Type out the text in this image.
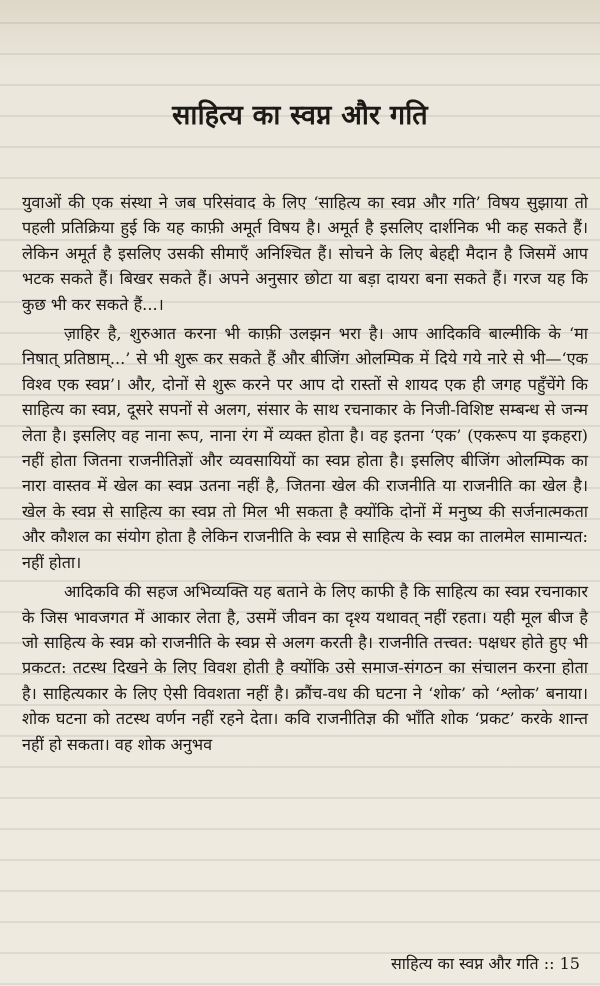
साहित्य का स्वप्न और गति

युवाओं की एक संस्था ने जब परिसंवाद के लिए ‘साहित्य का स्वप्न और गति’ विषय सुझाया तो पहली प्रतिक्रिया हुई कि यह काफ़ी अमूर्त विषय है। अमूर्त है इसलिए दार्शनिक भी कह सकते हैं। लेकिन अमूर्त है इसलिए उसकी सीमाएँ अनिश्चित हैं। सोचने के लिए बेहद्दी मैदान है जिसमें आप भटक सकते हैं। बिखर सकते हैं। अपने अनुसार छोटा या बड़ा दायरा बना सकते हैं। गरज यह कि कुछ भी कर सकते हैं...।

ज़ाहिर है, शुरुआत करना भी काफ़ी उलझन भरा है। आप आदिकवि बाल्मीकि के ‘मा निषात् प्रतिष्ठाम्...’ से भी शुरू कर सकते हैं और बीजिंग ओलम्पिक में दिये गये नारे से भी—‘एक विश्व एक स्वप्न’। और, दोनों से शुरू करने पर आप दो रास्तों से शायद एक ही जगह पहुँचेंगे कि साहित्य का स्वप्न, दूसरे सपनों से अलग, संसार के साथ रचनाकार के निजी-विशिष्ट सम्बन्ध से जन्म लेता है। इसलिए वह नाना रूप, नाना रंग में व्यक्त होता है। वह इतना ‘एक’ (एकरूप या इकहरा) नहीं होता जितना राजनीतिज्ञों और व्यवसायियों का स्वप्न होता है। इसलिए बीजिंग ओलम्पिक का नारा वास्तव में खेल का स्वप्न उतना नहीं है, जितना खेल की राजनीति या राजनीति का खेल है। खेल के स्वप्न से साहित्य का स्वप्न तो मिल भी सकता है क्योंकि दोनों में मनुष्य की सर्जनात्मकता और कौशल का संयोग होता है लेकिन राजनीति के स्वप्न से साहित्य के स्वप्न का तालमेल सामान्यत: नहीं होता।

आदिकवि की सहज अभिव्यक्ति यह बताने के लिए काफी है कि साहित्य का स्वप्न रचनाकार के जिस भावजगत में आकार लेता है, उसमें जीवन का दृश्य यथावत् नहीं रहता। यही मूल बीज है जो साहित्य के स्वप्न को राजनीति के स्वप्न से अलग करती है। राजनीति तत्त्वत: पक्षधर होते हुए भी प्रकटत: तटस्थ दिखने के लिए विवश होती है क्योंकि उसे समाज-संगठन का संचालन करना होता है। साहित्यकार के लिए ऐसी विवशता नहीं है। क्रौंच-वध की घटना ने ‘शोक’ को ‘श्लोक’ बनाया। शोक घटना को तटस्थ वर्णन नहीं रहने देता। कवि राजनीतिज्ञ की भाँति शोक ‘प्रकट’ करके शान्त नहीं हो सकता। वह शोक अनुभव

साहित्य का स्वप्न और गति :: 15
